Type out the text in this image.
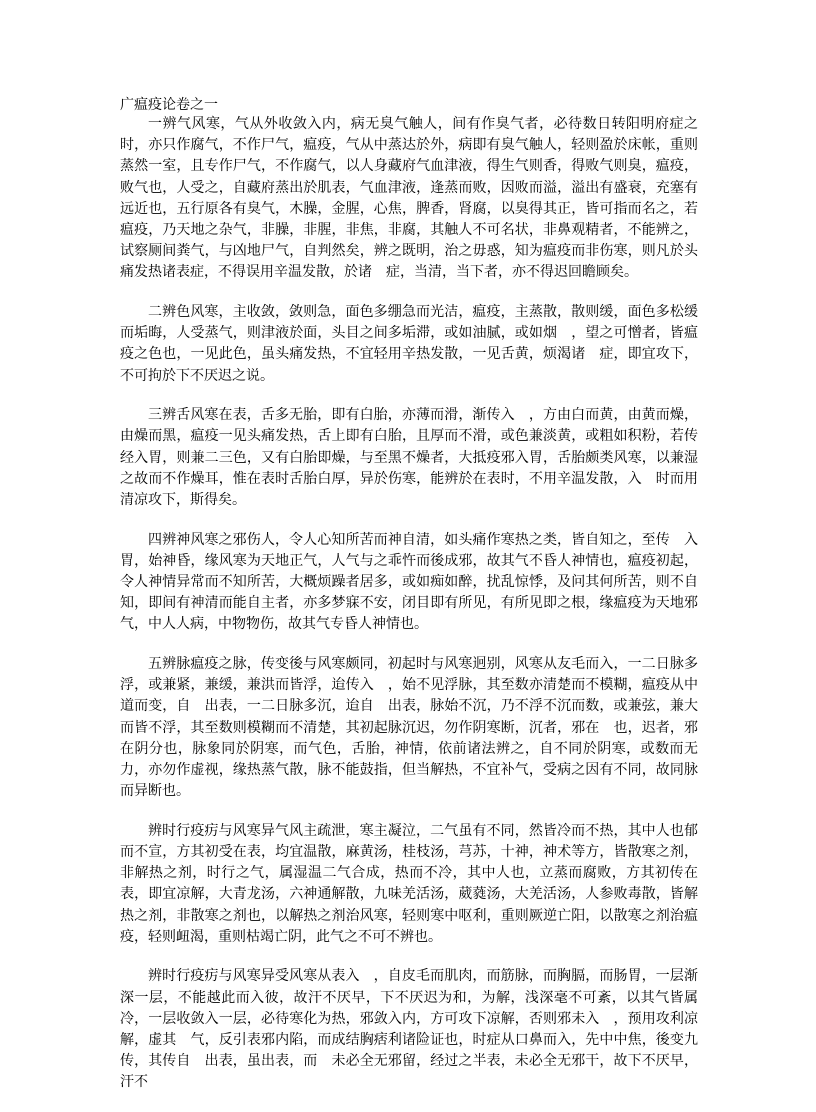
广瘟疫论卷之一

一辨气风寒，气从外收敛入内，病无臭气触人，间有作臭气者，必待数日转阳明府症之时，亦只作腐气，不作尸气，瘟疫，气从中蒸达於外，病即有臭气触人，轻则盈於床帐，重则蒸然一室，且专作尸气，不作腐气，以人身藏府气血津液，得生气则香，得败气则臭，瘟疫，败气也，人受之，自藏府蒸出於肌表，气血津液，逢蒸而败，因败而溢，溢出有盛衰，充塞有远近也，五行原各有臭气，木臊，金腥，心焦，脾香，肾腐，以臭得其正，皆可指而名之，若瘟疫，乃天地之杂气，非臊，非腥，非焦，非腐，其触人不可名状，非鼻观精者，不能辨之，试察厕间粪气，与凶地尸气，自判然矣，辨之既明，治之毋惑，知为瘟疫而非伤寒，则凡於头痛发热诸表症，不得误用辛温发散，於诸　症，当清，当下者，亦不得迟回瞻顾矣。

二辨色风寒，主收敛，敛则急，面色多绷急而光洁，瘟疫，主蒸散，散则缓，面色多松缓而垢晦，人受蒸气，则津液於面，头目之间多垢滞，或如油腻，或如烟　，望之可憎者，皆瘟疫之色也，一见此色，虽头痛发热，不宜轻用辛热发散，一见舌黄，烦渴诸　症，即宜攻下，不可拘於下不厌迟之说。

三辨舌风寒在表，舌多无胎，即有白胎，亦薄而滑，渐传入　，方由白而黄，由黄而燥，由燥而黑，瘟疫一见头痛发热，舌上即有白胎，且厚而不滑，或色兼淡黄，或粗如积粉，若传经入胃，则兼二三色，又有白胎即燥，与至黑不燥者，大抵疫邪入胃，舌胎颇类风寒，以兼湿之故而不作燥耳，惟在表时舌胎白厚，异於伤寒，能辨於在表时，不用辛温发散，入　时而用清凉攻下，斯得矣。

四辨神风寒之邪伤人，令人心知所苦而神自清，如头痛作寒热之类，皆自知之，至传　入胃，始神昏，缘风寒为天地正气，人气与之乖忤而後成邪，故其气不昏人神情也，瘟疫初起，令人神情异常而不知所苦，大概烦躁者居多，或如痴如醉，扰乱惊悸，及问其何所苦，则不自知，即间有神清而能自主者，亦多梦寐不安，闭目即有所见，有所见即之根，缘瘟疫为天地邪气，中人人病，中物物伤，故其气专昏人神情也。

五辨脉瘟疫之脉，传变後与风寒颇同，初起时与风寒迥别，风寒从友毛而入，一二日脉多浮，或兼紧，兼缓，兼洪而皆浮，迨传入　，始不见浮脉，其至数亦清楚而不模糊，瘟疫从中道而变，自　出表，一二日脉多沉，迨自　出表，脉始不沉，乃不浮不沉而数，或兼弦，兼大而皆不浮，其至数则模糊而不清楚，其初起脉沉迟，勿作阴寒断，沉者，邪在　也，迟者，邪在阴分也，脉象同於阴寒，而气色，舌胎，神情，依前诸法辨之，自不同於阴寒，或数而无力，亦勿作虚视，缘热蒸气散，脉不能鼓指，但当解热，不宜补气，受病之因有不同，故同脉而异断也。

辨时行疫疠与风寒异气风主疏泄，寒主凝泣，二气虽有不同，然皆冷而不热，其中人也郁而不宣，方其初受在表，均宜温散，麻黄汤，桂枝汤，芎苏，十神，神术等方，皆散寒之剂，非解热之剂，时行之气，属湿温二气合成，热而不冷，其中人也，立蒸而腐败，方其初传在表，即宜凉解，大青龙汤，六神通解散，九味羌活汤，葳蕤汤，大羌活汤，人参败毒散，皆解热之剂，非散寒之剂也，以解热之剂治风寒，轻则寒中呕利，重则厥逆亡阳，以散寒之剂治瘟疫，轻则衄渴，重则枯竭亡阴，此气之不可不辨也。

辨时行疫疠与风寒异受风寒从表入　，自皮毛而肌肉，而筋脉，而胸膈，而肠胃，一层渐深一层，不能越此而入彼，故汗不厌早，下不厌迟为和，为解，浅深毫不可紊，以其气皆属冷，一层收敛入一层，必待寒化为热，邪敛入内，方可攻下凉解，否则邪未入　，预用攻利凉解，虚其　气，反引表邪内陷，而成结胸痞利诸险证也，时症从口鼻而入，先中中焦，後变九传，其传自　出表，虽出表，而　未必全无邪留，经过之半表，未必全无邪干，故下不厌早，汗不
